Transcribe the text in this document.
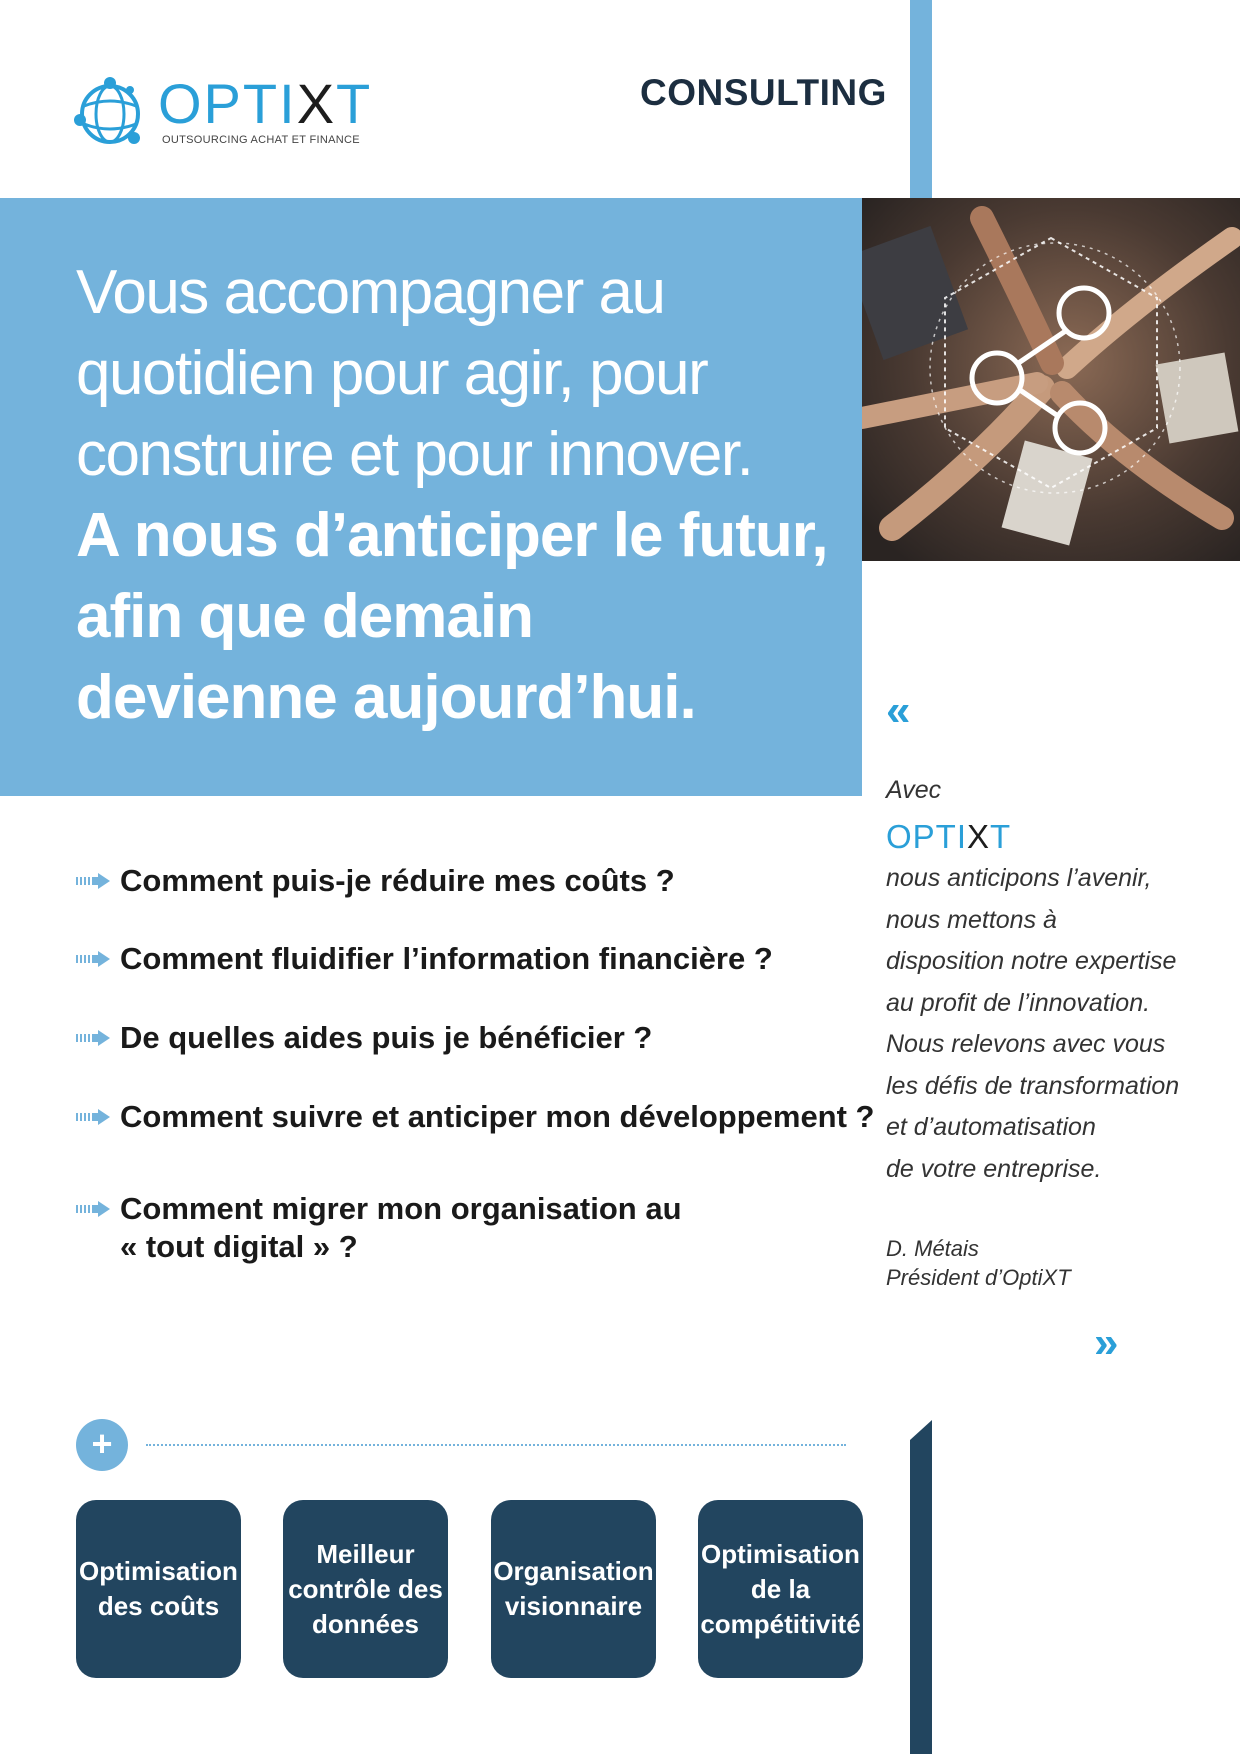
OPTIXT
OUTSOURCING ACHAT ET FINANCE
CONSULTING
Vous accompagner au
quotidien pour agir, pour
construire et pour innover.
A nous d’anticiper le futur,
afin que demain
devienne aujourd’hui.
Comment puis-je réduire mes coûts ?
Comment fluidifier l’information financière ?
De quelles aides puis je bénéficier ?
Comment suivre et anticiper mon développement ?
Comment migrer mon organisation au
« tout digital » ?
«
Avec
OPTIXT
nous anticipons l’avenir,
nous mettons à
disposition notre expertise
au profit de l’innovation.
Nous relevons avec vous
les défis de transformation
et d’automatisation
de votre entreprise.
D. Métais
Président d’OptiXT
»
+
Optimisation
des coûts
Meilleur
contrôle des
données
Organisation
visionnaire
Optimisation
de la
compétitivité
